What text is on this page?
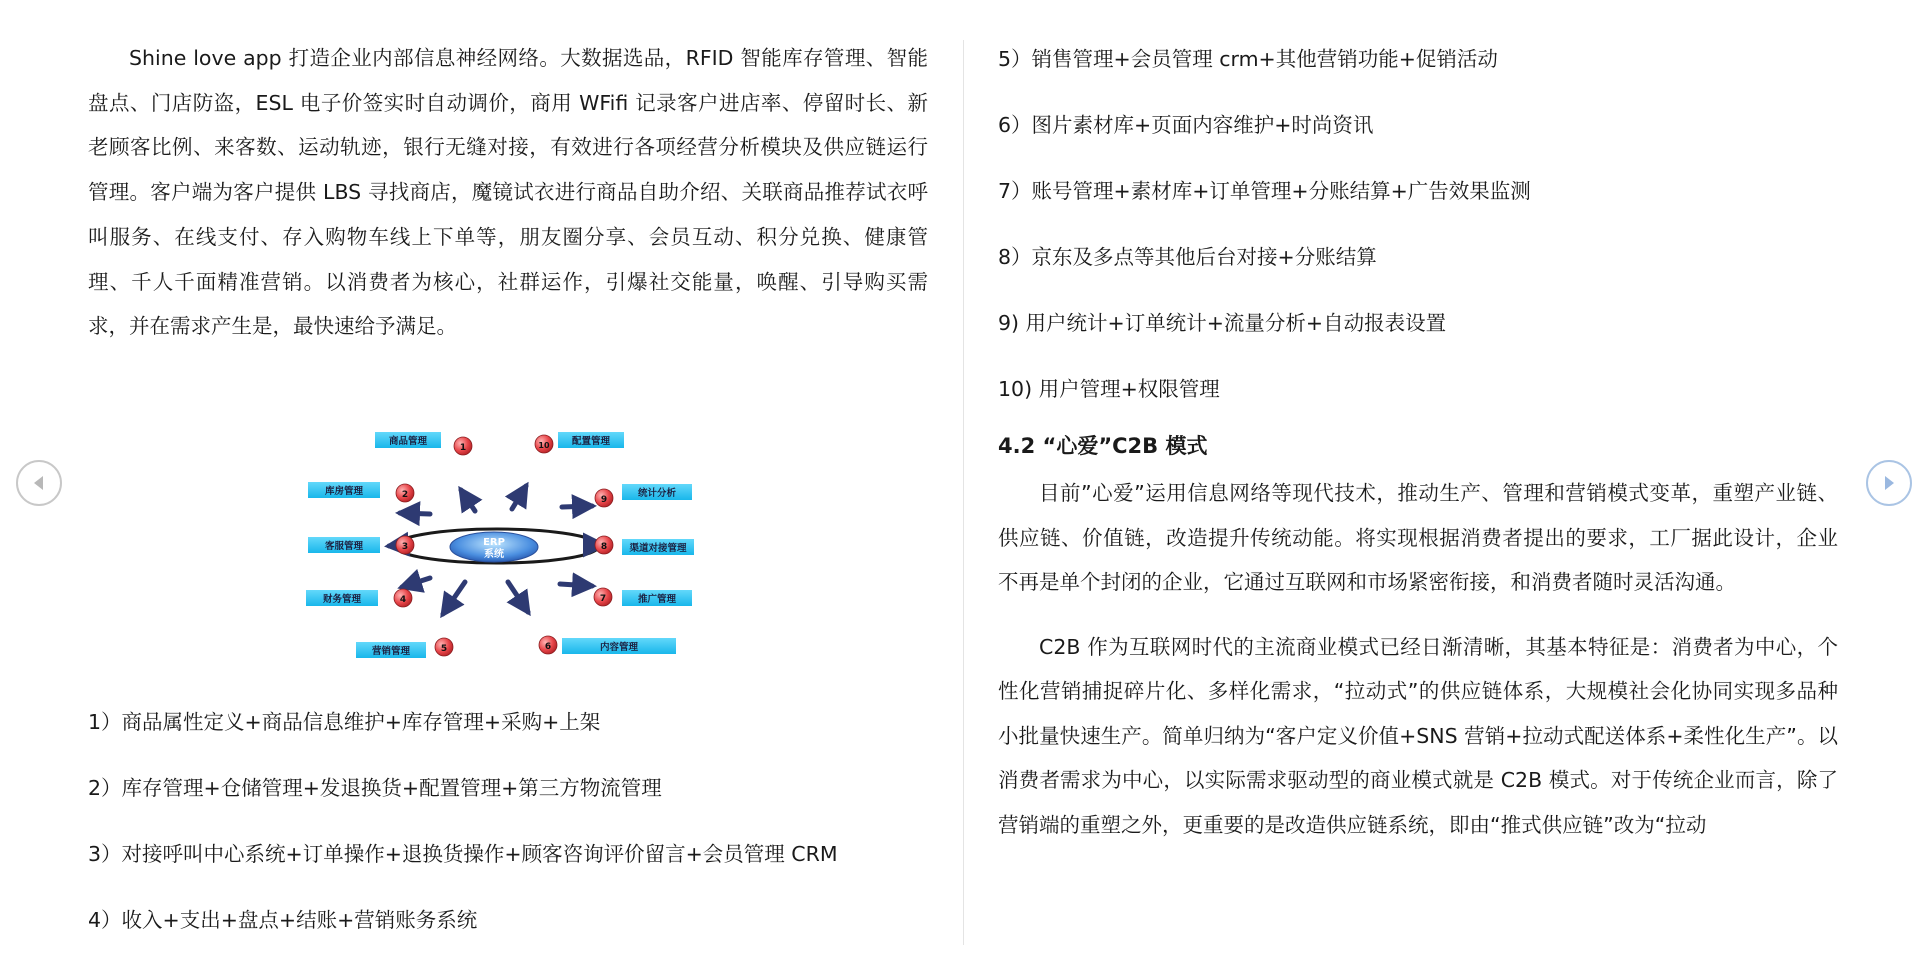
Shine love app 打造企业内部信息神经网络。大数据选品，RFID 智能库存管理、智能盘点、门店防盗，ESL 电子价签实时自动调价，商用 WFifi 记录客户进店率、停留时长、新老顾客比例、来客数、运动轨迹，银行无缝对接，有效进行各项经营分析模块及供应链运行管理。客户端为客户提供 LBS 寻找商店，魔镜试衣进行商品自助介绍、关联商品推荐试衣呼叫服务、在线支付、存入购物车线上下单等，朋友圈分享、会员互动、积分兑换、健康管理、千人千面精准营销。以消费者为核心，社群运作，引爆社交能量，唤醒、引导购买需求，并在需求产生是，最快速给予满足。

ERP
系统
商品管理
1
库房管理	2
客服管理	3
财务管理	4
营销管理	5	内容管理
6
推广管理
7
渠道对接管理
8
统计分析
9
配置管理
10

1）商品属性定义+商品信息维护+库存管理+采购+上架

2）库存管理+仓储管理+发退换货+配置管理+第三方物流管理

3）对接呼叫中心系统+订单操作+退换货操作+顾客咨询评价留言+会员管理 CRM

4）收入+支出+盘点+结账+营销账务系统

5）销售管理+会员管理 crm+其他营销功能+促销活动

6）图片素材库+页面内容维护+时尚资讯

7）账号管理+素材库+订单管理+分账结算+广告效果监测

8）京东及多点等其他后台对接+分账结算

9) 用户统计+订单统计+流量分析+自动报表设置

10) 用户管理+权限管理

4.2 “心爱”C2B 模式

目前”心爱”运用信息网络等现代技术，推动生产、管理和营销模式变革，重塑产业链、供应链、价值链，改造提升传统动能。将实现根据消费者提出的要求，工厂据此设计，企业不再是单个封闭的企业，它通过互联网和市场紧密衔接，和消费者随时灵活沟通。

C2B 作为互联网时代的主流商业模式已经日渐清晰，其基本特征是：消费者为中心，个性化营销捕捉碎片化、多样化需求，“拉动式”的供应链体系，大规模社会化协同实现多品种小批量快速生产。简单归纳为“客户定义价值+SNS 营销+拉动式配送体系+柔性化生产”。以消费者需求为中心，以实际需求驱动型的商业模式就是 C2B 模式。对于传统企业而言，除了营销端的重塑之外，更重要的是改造供应链系统，即由“推式供应链”改为“拉动
